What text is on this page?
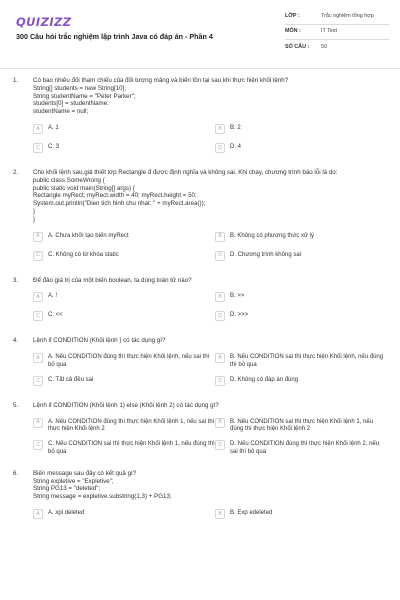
QUIZIZZ
300 Câu hỏi trắc nghiệm lập trình Java có đáp án - Phần 4
LỚP :	Trắc nghiệm tổng hợp
MÔN :	IT Test
SỐ CÂU :	50
1. Có bao nhiêu đối tham chiếu của đối tượng mảng và biến tồn tại sau khi thực hiện khối lệnh?
String[] students = new String[10];
String studentName = "Peter Parker";
students[0] = studentName;
studentName = null;
A	A. 1	B	B. 2
C	C. 3	D	D. 4
2. Cho khối lệnh sau,giả thiết lớp Rectangle đ được định nghĩa và không sai. Khi chạy, chương trình báo lỗi là do:
public class SomeWrong {
public static void main(String[] args) {
Rectangle myRect; myRect.width = 40; myRect.height = 50;
System.out.println("Dien tich hinh chu nhat: " + myRect.area());
}
}
A	A. Chưa khởi tạo biến myRect	B	B. Không có phương thức xử lý
C	C. Không có từ khóa static	D	D. Chương trình không sai
3. Để đảo giá trị của một biến boolean, ta dùng toán tử nào?
A	A. !	B	B. >>
C	C. <<	D	D. >>>
4. Lệnh if CONDITION (Khối lệnh ) có tác dụng gì?
A	A. Nếu CONDITION đúng thì thực hiện Khối lệnh, nếu sai thì bỏ qua
B	B. Nếu CONDITION sai thì thực hiện Khối lệnh, nếu đúng thì bỏ qua
C	C. Tất cả đều sai	D	D. Không có đáp án đúng
5. Lệnh if CONDITION (Khối lệnh 1) else (Khối lệnh 2) có tác dụng gì?
A	A. Nếu CONDITION đúng thì thực hiện Khối lệnh 1, nếu sai thì thực hiện Khối lệnh 2
B	B. Nếu CONDITION sai thì thực hiện Khối lệnh 1, nếu đúng thì thực hiện Khối lệnh 2
C	C. Nếu CONDITION sai thì thực hiện Khối lệnh 1, nếu đúng thì bỏ qua
D	D. Nếu CONDITION đúng thì thực hiện Khối lệnh 2, nếu sai thì bỏ qua
6. Biến message sau đây có kết quả gì?
String expletive = "Expletive";
String PG13 = "deleted";
String message = expletive.substring(1,3) + PG13;
A	A. xpl deleted	B	B. Exp edeleted
